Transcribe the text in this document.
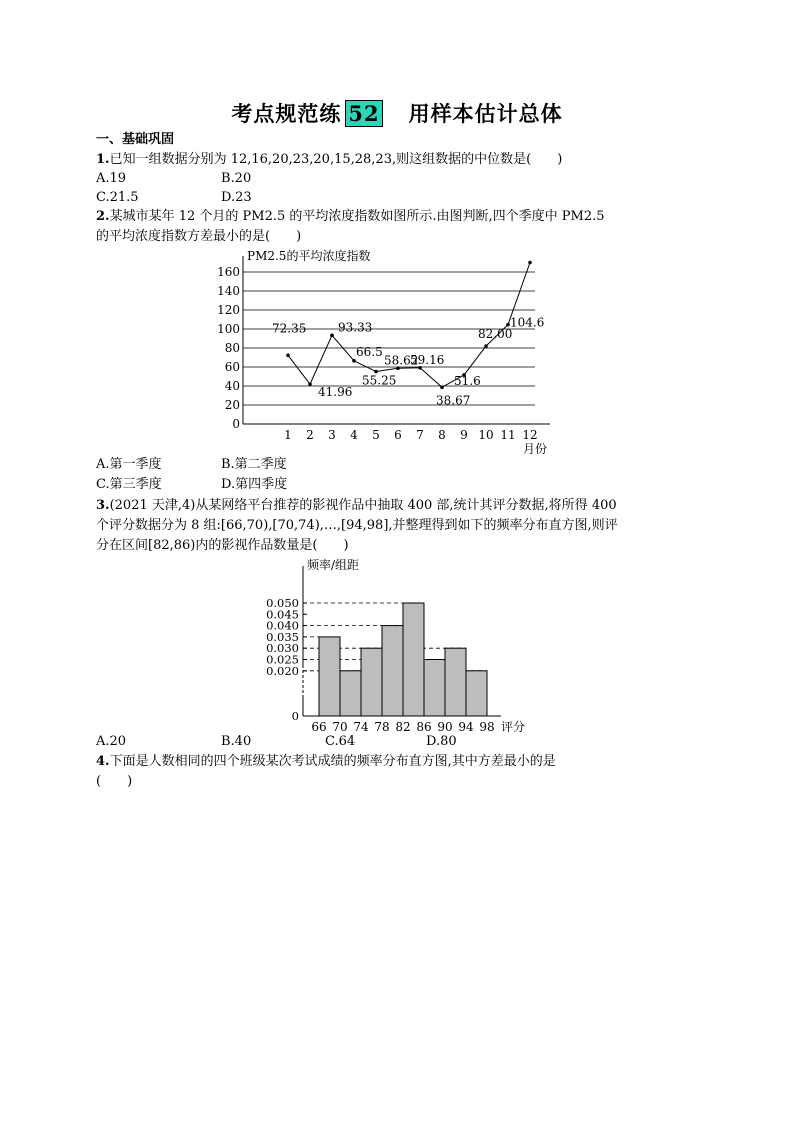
考点规范练 52 用样本估计总体
一、基础巩固
1.已知一组数据分别为 12,16,20,23,20,15,28,23,则这组数据的中位数是( )
A.19	B.20
C.21.5	D.23
2.某城市某年 12 个月的 PM2.5 的平均浓度指数如图所示.由图判断,四个季度中 PM2.5
的平均浓度指数方差最小的是( )
0
20
40
60
80
100
120
140
160
1 2 3 4 5 6 7 8 9 10 11 12
PM2.5的平均浓度指数
月份
72.35
41.96
93.33
66.5
55.25
58.62
59.16
38.67
51.6
82.00
104.6
A.第一季度	B.第二季度
C.第三季度	D.第四季度
3.(2021 天津,4)从某网络平台推荐的影视作品中抽取 400 部,统计其评分数据,将所得 400
个评分数据分为 8 组:[66,70),[70,74),…,[94,98],并整理得到如下的频率分布直方图,则评
分在区间[82,86)内的影视作品数量是( )
0.050
0.045
0.040
0.035
0.030
0.025
0.020
0
频率/组距
评分
66 70 74 78 82 86 90 94 98
A.20	B.40	C.64	D.80
4.下面是人数相同的四个班级某次考试成绩的频率分布直方图,其中方差最小的是
( )
